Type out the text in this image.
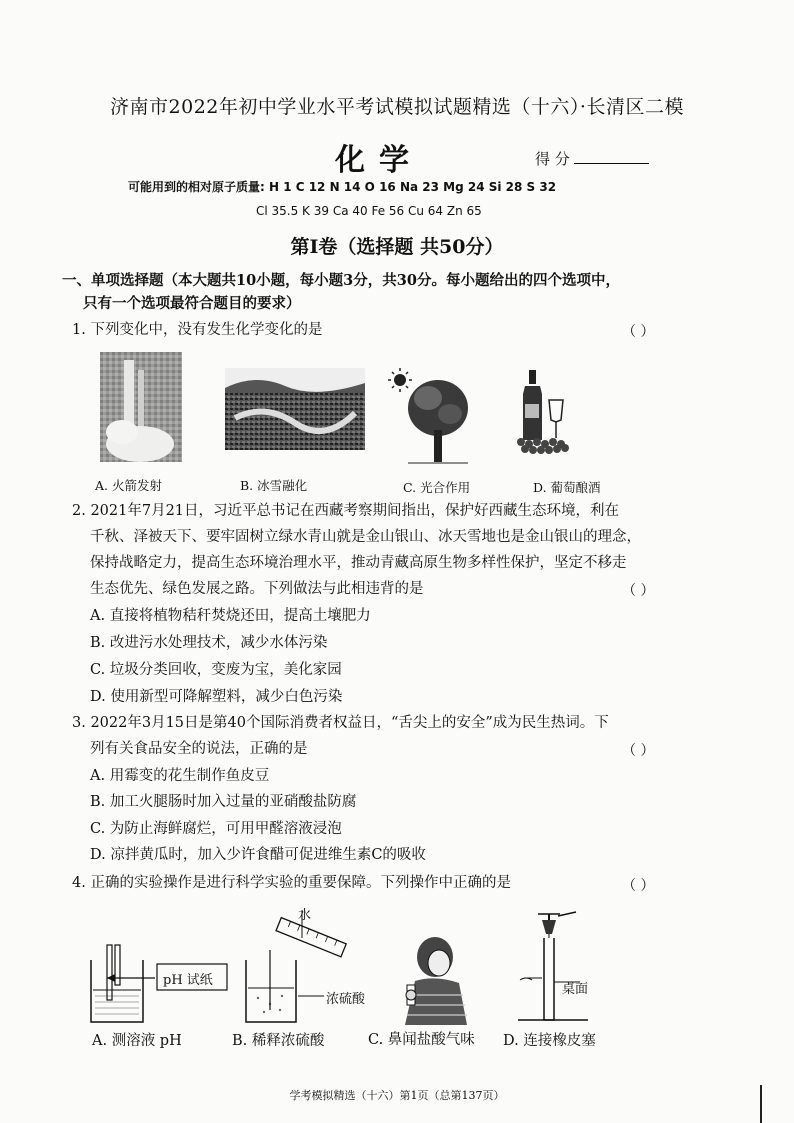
济南市2022年初中学业水平考试模拟试题精选（十六）·长清区二模
化学	得 分
可能用到的相对原子质量: H 1 C 12 N 14 O 16 Na 23 Mg 24 Si 28 S 32
Cl 35.5 K 39 Ca 40 Fe 56 Cu 64 Zn 65
第Ⅰ卷（选择题 共50分）
一、单项选择题（本大题共10小题，每小题3分，共30分。每小题给出的四个选项中，
只有一个选项最符合题目的要求）
1. 下列变化中，没有发生化学变化的是	（ ）
A. 火箭发射	B. 冰雪融化	C. 光合作用	D. 葡萄酿酒
2. 2021年7月21日，习近平总书记在西藏考察期间指出，保护好西藏生态环境，利在
千秋、泽被天下、要牢固树立绿水青山就是金山银山、冰天雪地也是金山银山的理念，
保持战略定力，提高生态环境治理水平，推动青藏高原生物多样性保护，坚定不移走
生态优先、绿色发展之路。下列做法与此相违背的是	（ ）
A. 直接将植物秸秆焚烧还田，提高土壤肥力
B. 改进污水处理技术，减少水体污染
C. 垃圾分类回收，变废为宝，美化家园
D. 使用新型可降解塑料，减少白色污染
3. 2022年3月15日是第40个国际消费者权益日，“舌尖上的安全”成为民生热词。下
列有关食品安全的说法，正确的是	（ ）
A. 用霉变的花生制作鱼皮豆
B. 加工火腿肠时加入过量的亚硝酸盐防腐
C. 为防止海鲜腐烂，可用甲醛溶液浸泡
D. 凉拌黄瓜时，加入少许食醋可促进维生素C的吸收
4. 正确的实验操作是进行科学实验的重要保障。下列操作中正确的是	（ ）
pH 试纸
水
浓硫酸
桌面
A. 测溶液 pH	B. 稀释浓硫酸	C. 鼻闻盐酸气味 D. 连接橡皮塞
学考模拟精选（十六）第1页（总第137页）
